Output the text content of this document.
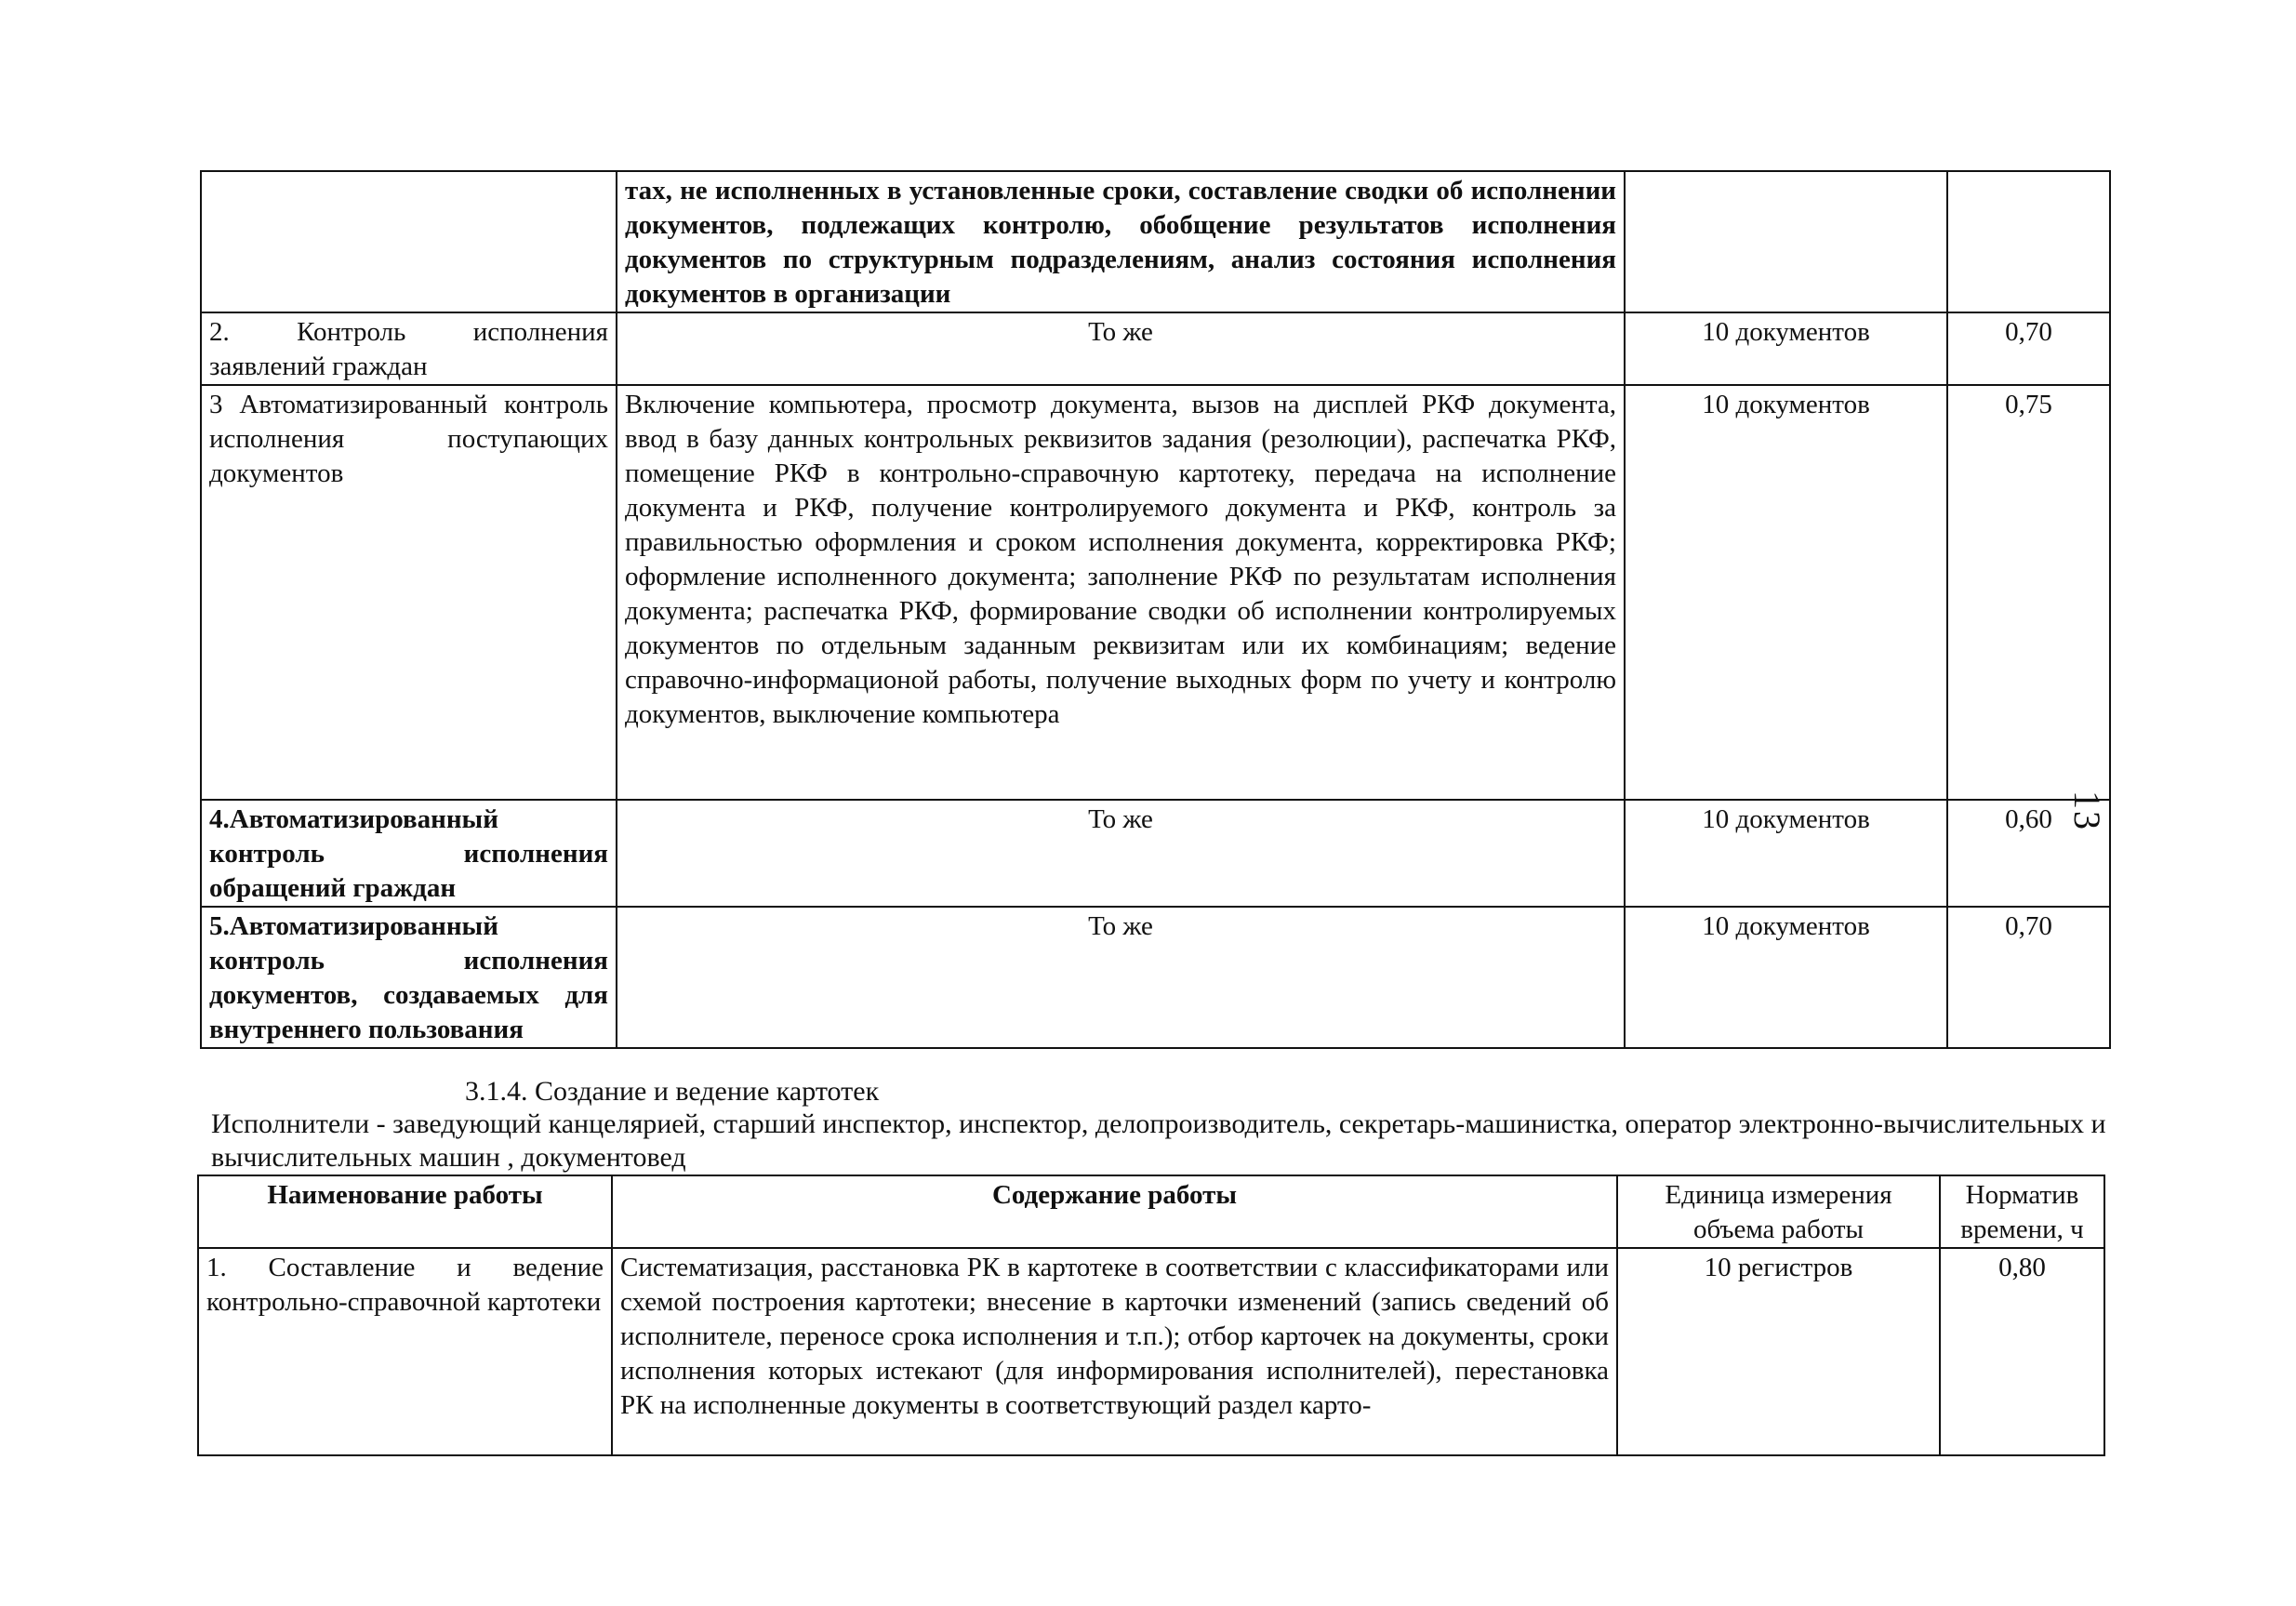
13
	тах, не исполненных в установленные сроки, составление сводки об исполнении документов, подлежащих контролю, обобщение результатов исполнения документов по структурным подразделениям, анализ состояния исполнения документов в организации		
2. Контроль исполнения заявлений граждан	То же	10 документов	0,70
3 Автоматизированный контроль исполнения поступающих документов	Включение компьютера, просмотр документа, вызов на дисплей РКФ документа, ввод в базу данных контрольных реквизитов задания (резолюции), распечатка РКФ, помещение РКФ в контрольно-справочную картотеку, передача на исполнение документа и РКФ, получение контролируемого документа и РКФ, контроль за правильностью оформления и сроком исполнения документа, корректировка РКФ; оформление исполненного документа; заполнение РКФ по результатам исполнения документа; распечатка РКФ, формирование сводки об исполнении контролируемых документов по отдельным заданным реквизитам или их комбинациям; ведение справочно-информационой работы, получение выходных форм по учету и контролю документов, выключение компьютера	10 документов	0,75
4.Автоматизированный контроль исполнения обращений граждан	То же	10 документов	0,60
5.Автоматизированный контроль исполнения документов, создаваемых для внутреннего пользования	То же	10 документов	0,70
3.1.4. Создание и ведение картотек
Исполнители - заведующий канцелярией, старший инспектор, инспектор, делопроизводитель, секретарь-машинистка, оператор электронно-вычислительных и вычислительных машин , документовед
Наименование работы	Содержание работы	Единица измерения объема работы	Норматив времени, ч
1. Составление и ведение контрольно-справочной картотеки	Систематизация, расстановка РК в картотеке в соответствии с классификаторами или схемой построения картотеки; внесение в карточки изменений (запись сведений об исполнителе, переносе срока исполнения и т.п.); отбор карточек на документы, сроки исполнения которых истекают (для информирования исполнителей), перестановка РК на исполненные документы в соответствующий раздел карто-	10 регистров	0,80
